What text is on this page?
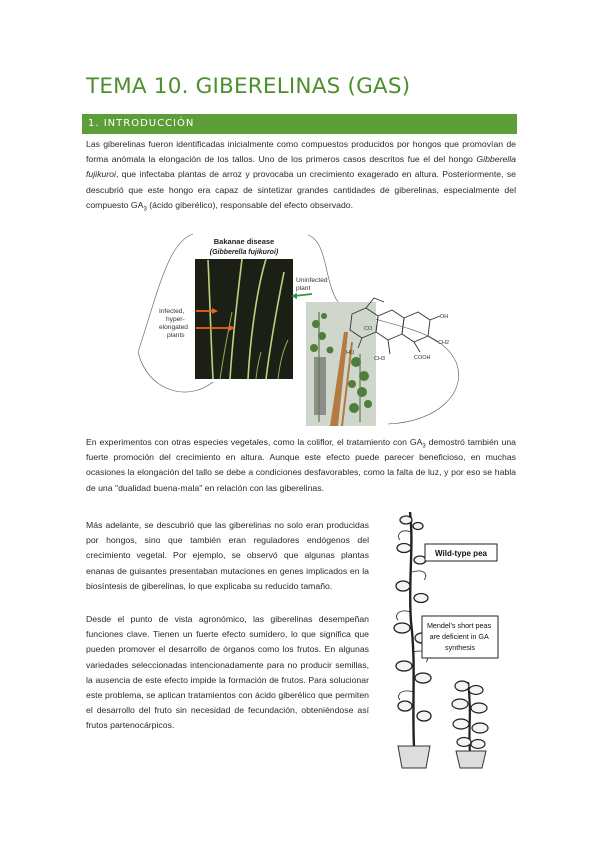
TEMA 10. GIBERELINAS (GAS)
1. INTRODUCCIÓN

Las giberelinas fueron identificadas inicialmente como compuestos producidos por hongos que promovían de forma anómala la elongación de los tallos. Uno de los primeros casos descritos fue el del hongo Gibberella fujikuroi, que infectaba plantas de arroz y provocaba un crecimiento exagerado en altura. Posteriormente, se descubrió que este hongo era capaz de sintetizar grandes cantidades de giberelinas, especialmente del compuesto $GA_3$ (ácido giberélico), responsable del efecto observado.

Bakanae disease
(Gibberella fujikuroi)
Infected, hyper- elongated plants
Uninfected plant
OH
CO
HO
CH2
CH3	COOH

En experimentos con otras especies vegetales, como la coliflor, el tratamiento con $GA_3$ demostró también una fuerte promoción del crecimiento en altura. Aunque este efecto puede parecer beneficioso, en muchas ocasiones la elongación del tallo se debe a condiciones desfavorables, como la falta de luz, y por eso se habla de una "dualidad buena-mala" en relación con las giberelinas.

Más adelante, se descubrió que las giberelinas no solo eran producidas por hongos, sino que también eran reguladores endógenos del crecimiento vegetal. Por ejemplo, se observó que algunas plantas enanas de guisantes presentaban mutaciones en genes implicados en la biosíntesis de giberelinas, lo que explicaba su reducido tamaño.

Desde el punto de vista agronómico, las giberelinas desempeñan funciones clave. Tienen un fuerte efecto sumidero, lo que significa que pueden promover el desarrollo de órganos como los frutos. En algunas variedades seleccionadas intencionadamente para no producir semillas, la ausencia de este efecto impide la formación de frutos. Para solucionar este problema, se aplican tratamientos con ácido giberélico que permiten el desarrollo del fruto sin necesidad de fecundación, obteniéndose así frutos partenocárpicos.

Wild-type pea
Mendel's short peas are deficient in GA synthesis
